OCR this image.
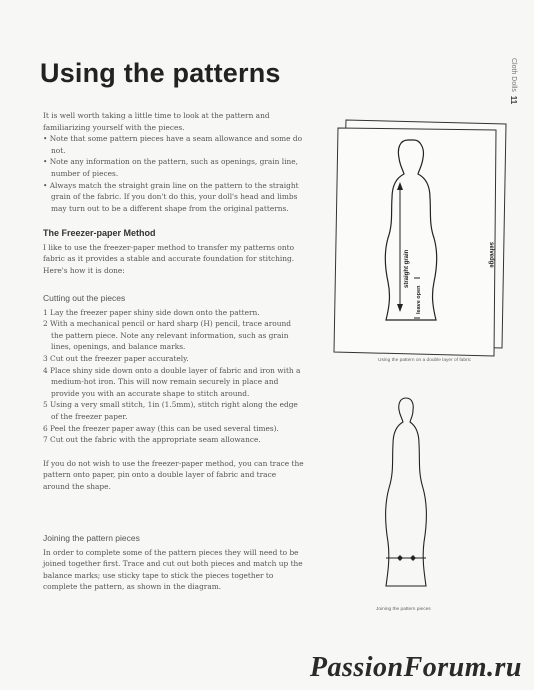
Using the patterns	Cloth Dolls  11

It is well worth taking a little time to look at the pattern and familiarizing yourself with the pieces.

• Note that some pattern pieces have a seam allowance and some do not.
• Note any information on the pattern, such as openings, grain line, number of pieces.
• Always match the straight grain line on the pattern to the straight grain of the fabric. If you don't do this, your doll's head and limbs may turn out to be a different shape from the original patterns.
The Freezer-paper Method

I like to use the freezer-paper method to transfer my patterns onto fabric as it provides a stable and accurate foundation for stitching. Here's how it is done:

Cutting out the pieces
1 Lay the freezer paper shiny side down onto the pattern.
2 With a mechanical pencil or hard sharp (H) pencil, trace around the pattern piece. Note any relevant information, such as grain lines, openings, and balance marks.
3 Cut out the freezer paper accurately.
4 Place shiny side down onto a double layer of fabric and iron with a medium-hot iron. This will now remain securely in place and provide you with an accurate shape to stitch around.
5 Using a very small stitch, 1in (1.5mm), stitch right along the edge of the freezer paper.
6 Peel the freezer paper away (this can be used several times).
7 Cut out the fabric with the appropriate seam allowance.

If you do not wish to use the freezer-paper method, you can trace the pattern onto paper, pin onto a double layer of fabric and trace around the shape.

Joining the pattern pieces

In order to complete some of the pattern pieces they will need to be joined together first. Trace and cut out both pieces and match up the balance marks; use sticky tape to stick the pieces together to complete the pattern, as shown in the diagram.

straight grain
leave open
selvedge
Using the pattern on a double layer of fabric
Joining the pattern pieces
PassionForum.ru
